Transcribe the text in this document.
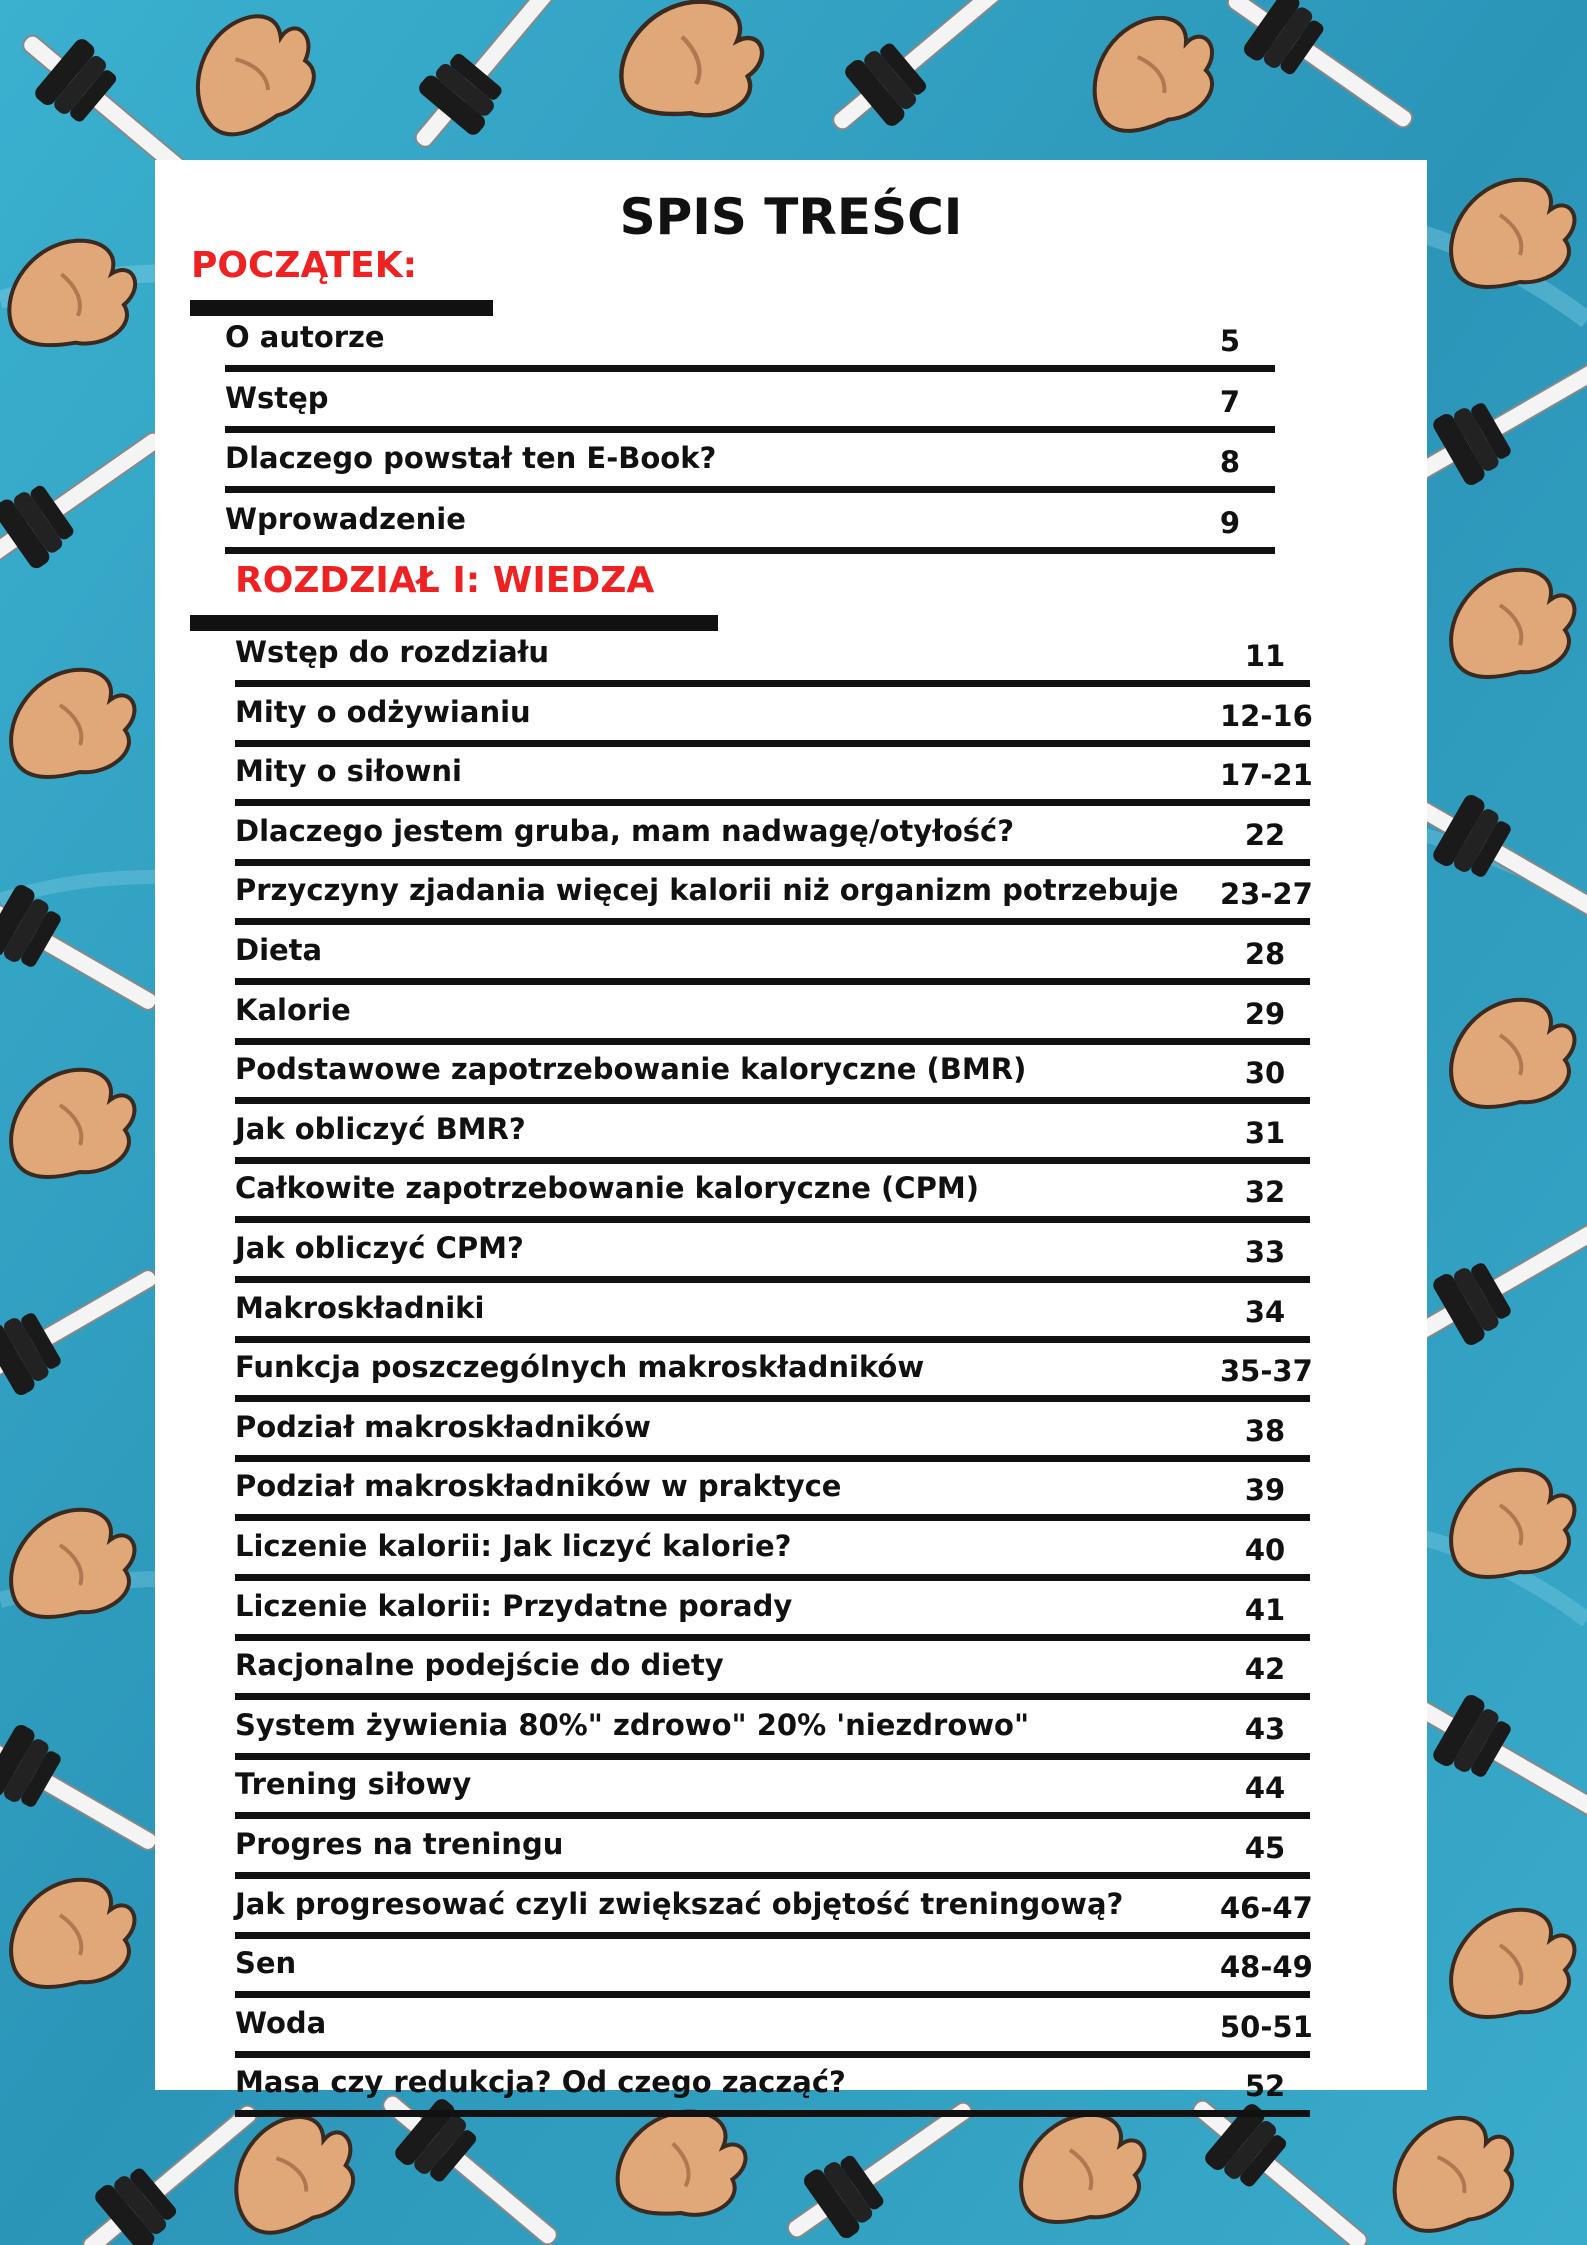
SPIS TREŚCI
POCZĄTEK:
O autorze	5
Wstęp	7
Dlaczego powstał ten E-Book?	8
Wprowadzenie	9
ROZDZIAŁ I: WIEDZA
Wstęp do rozdziału	11
Mity o odżywianiu	12-16
Mity o siłowni	17-21
Dlaczego jestem gruba, mam nadwagę/otyłość?	22
Przyczyny zjadania więcej kalorii niż organizm potrzebuje 23-27
Dieta	28
Kalorie	29
Podstawowe zapotrzebowanie kaloryczne (BMR)	30
Jak obliczyć BMR?	31
Całkowite zapotrzebowanie kaloryczne (CPM)	32
Jak obliczyć CPM?	33
Makroskładniki	34
Funkcja poszczególnych makroskładników	35-37
Podział makroskładników	38
Podział makroskładników w praktyce	39
Liczenie kalorii: Jak liczyć kalorie?	40
Liczenie kalorii: Przydatne porady	41
Racjonalne podejście do diety	42
System żywienia 80%" zdrowo" 20% 'niezdrowo"	43
Trening siłowy	44
Progres na treningu	45
Jak progresować czyli zwiększać objętość treningową?	46-47
Sen	48-49
Woda	50-51
Masa czy redukcja? Od czego zacząć?	52
